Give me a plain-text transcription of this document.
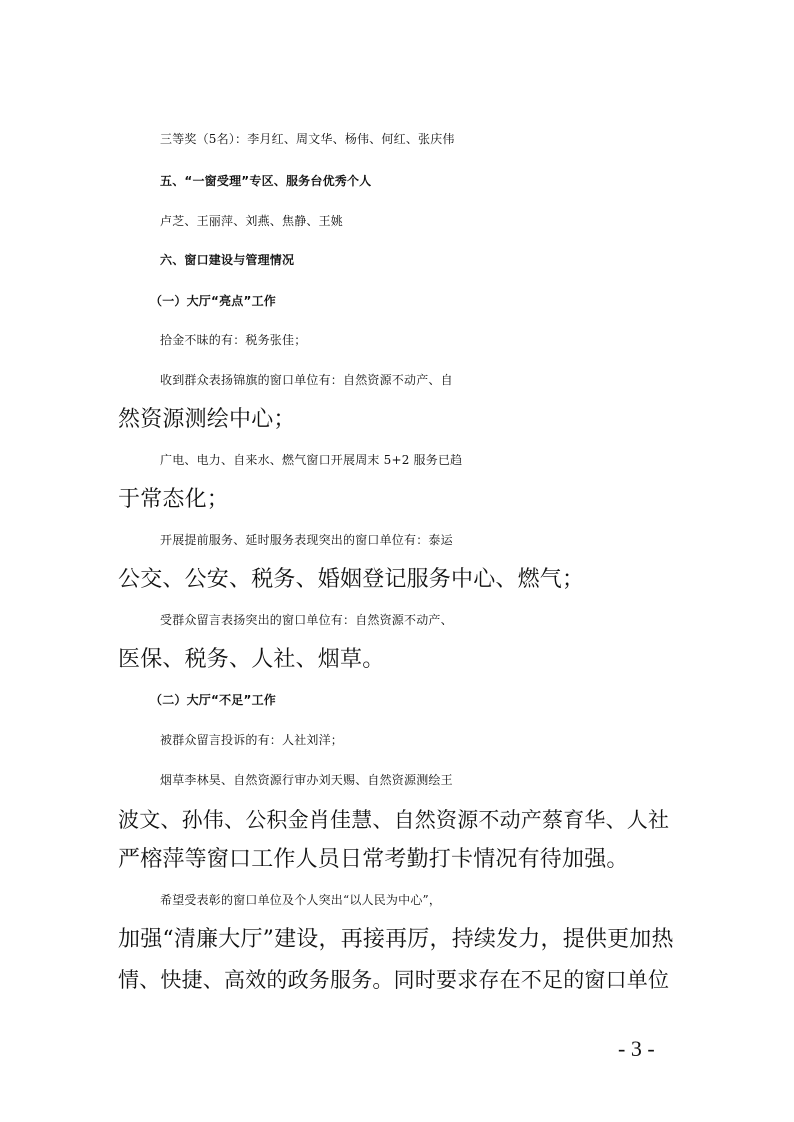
三等奖（5名）：李月红、周文华、杨伟、何红、张庆伟
五、“一窗受理”专区、服务台优秀个人
卢芝、王丽萍、刘燕、焦静、王姚
六、窗口建设与管理情况
（一）大厅“亮点”工作
拾金不昧的有：税务张佳；
收到群众表扬锦旗的窗口单位有：自然资源不动产、自
然资源测绘中心；
广电、电力、自来水、燃气窗口开展周末 5+2 服务已趋
于常态化；
开展提前服务、延时服务表现突出的窗口单位有：泰运
公交、公安、税务、婚姻登记服务中心、燃气；
受群众留言表扬突出的窗口单位有：自然资源不动产、
医保、税务、人社、烟草。
（二）大厅“不足”工作
被群众留言投诉的有：人社刘洋；
烟草李林昊、自然资源行审办刘天赐、自然资源测绘王
波文、孙伟、公积金肖佳慧、自然资源不动产蔡育华、人社
严榕萍等窗口工作人员日常考勤打卡情况有待加强。
希望受表彰的窗口单位及个人突出“以人民为中心”，
加强“清廉大厅”建设，再接再厉，持续发力，提供更加热
情、快捷、高效的政务服务。同时要求存在不足的窗口单位
- 3 -
